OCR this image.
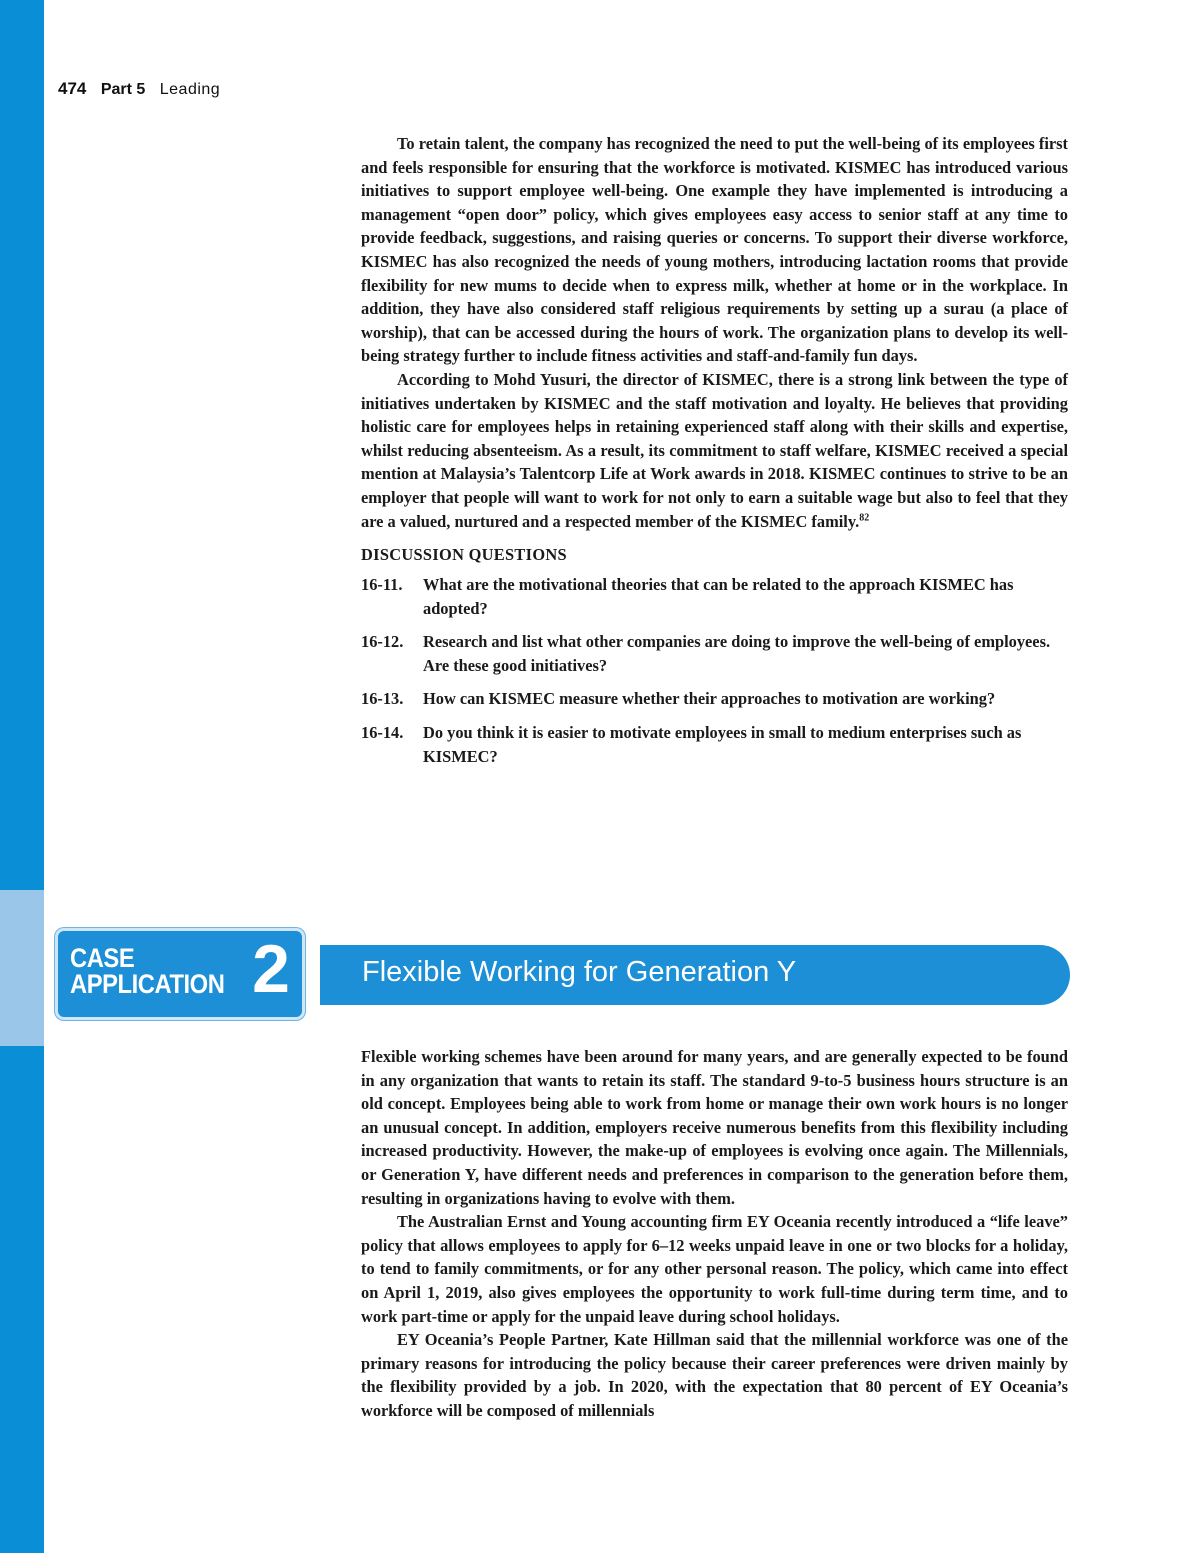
474 Part 5 Leading

To retain talent, the company has recognized the need to put the well-being of its employees first and feels responsible for ensuring that the workforce is motivated. KISMEC has introduced various initiatives to support employee well-being. One example they have implemented is introducing a management “open door” policy, which gives employees easy access to senior staff at any time to provide feedback, suggestions, and raising queries or concerns. To support their diverse workforce, KISMEC has also recognized the needs of young mothers, introducing lactation rooms that provide flexibility for new mums to decide when to express milk, whether at home or in the workplace. In addition, they have also considered staff religious requirements by setting up a surau (a place of worship), that can be accessed during the hours of work. The organization plans to develop its well-being strategy further to include fitness activities and staff-and-family fun days.

According to Mohd Yusuri, the director of KISMEC, there is a strong link between the type of initiatives undertaken by KISMEC and the staff motivation and loyalty. He believes that providing holistic care for employees helps in retaining experienced staff along with their skills and expertise, whilst reducing absenteeism. As a result, its commitment to staff welfare, KISMEC received a special mention at Malaysia’s Talentcorp Life at Work awards in 2018. KISMEC continues to strive to be an employer that people will want to work for not only to earn a suitable wage but also to feel that they are a valued, nurtured and a respected member of the KISMEC family.$^{82}$

DISCUSSION QUESTIONS
16-11.	What are the motivational theories that can be related to the approach KISMEC has adopted?
16-12.	Research and list what other companies are doing to improve the well-being of employees. Are these good initiatives?
16-13.	How can KISMEC measure whether their approaches to motivation are working?
16-14.	Do you think it is easier to motivate employees in small to medium enterprises such as KISMEC?
CASE
APPLICATION 2 Flexible Working for Generation Y

Flexible working schemes have been around for many years, and are generally expected to be found in any organization that wants to retain its staff. The standard 9-to-5 business hours structure is an old concept. Employees being able to work from home or manage their own work hours is no longer an unusual concept. In addition, employers receive numerous benefits from this flexibility including increased productivity. However, the make-up of employees is evolving once again. The Millennials, or Generation Y, have different needs and preferences in comparison to the generation before them, resulting in organizations having to evolve with them.

The Australian Ernst and Young accounting firm EY Oceania recently introduced a “life leave” policy that allows employees to apply for 6–12 weeks unpaid leave in one or two blocks for a holiday, to tend to family commitments, or for any other personal reason. The policy, which came into effect on April 1, 2019, also gives employees the opportunity to work full-time during term time, and to work part-time or apply for the unpaid leave during school holidays.

EY Oceania’s People Partner, Kate Hillman said that the millennial workforce was one of the primary reasons for introducing the policy because their career preferences were driven mainly by the flexibility provided by a job. In 2020, with the expectation that 80 percent of EY Oceania’s workforce will be composed of millennials
